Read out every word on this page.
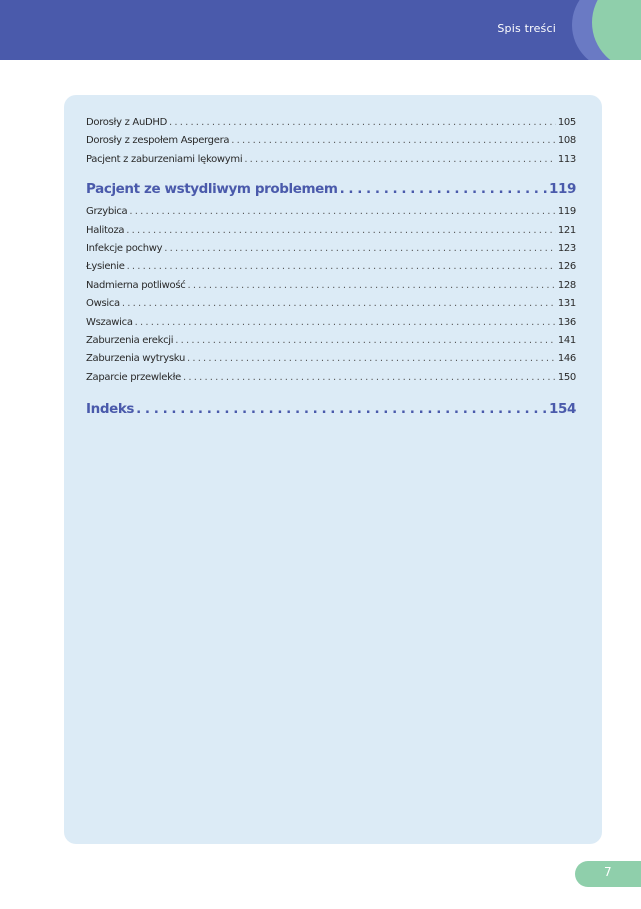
Spis treści
Dorosły z AuDHD . . .	105
Dorosły z zespołem Aspergera . . .	108
Pacjent z zaburzeniami lękowymi . . .	113
Pacjent ze wstydliwym problemem . . .	119
Grzybica . . .	119
Halitoza . . .	121
Infekcje pochwy . . .	123
Łysienie . . .	126
Nadmierna potliwość . . .	128
Owsica . . .	131
Wszawica . . .	136
Zaburzenia erekcji . . .	141
Zaburzenia wytrysku . . .	146
Zaparcie przewlekłe . . .	150
Indeks . . .	154
7
